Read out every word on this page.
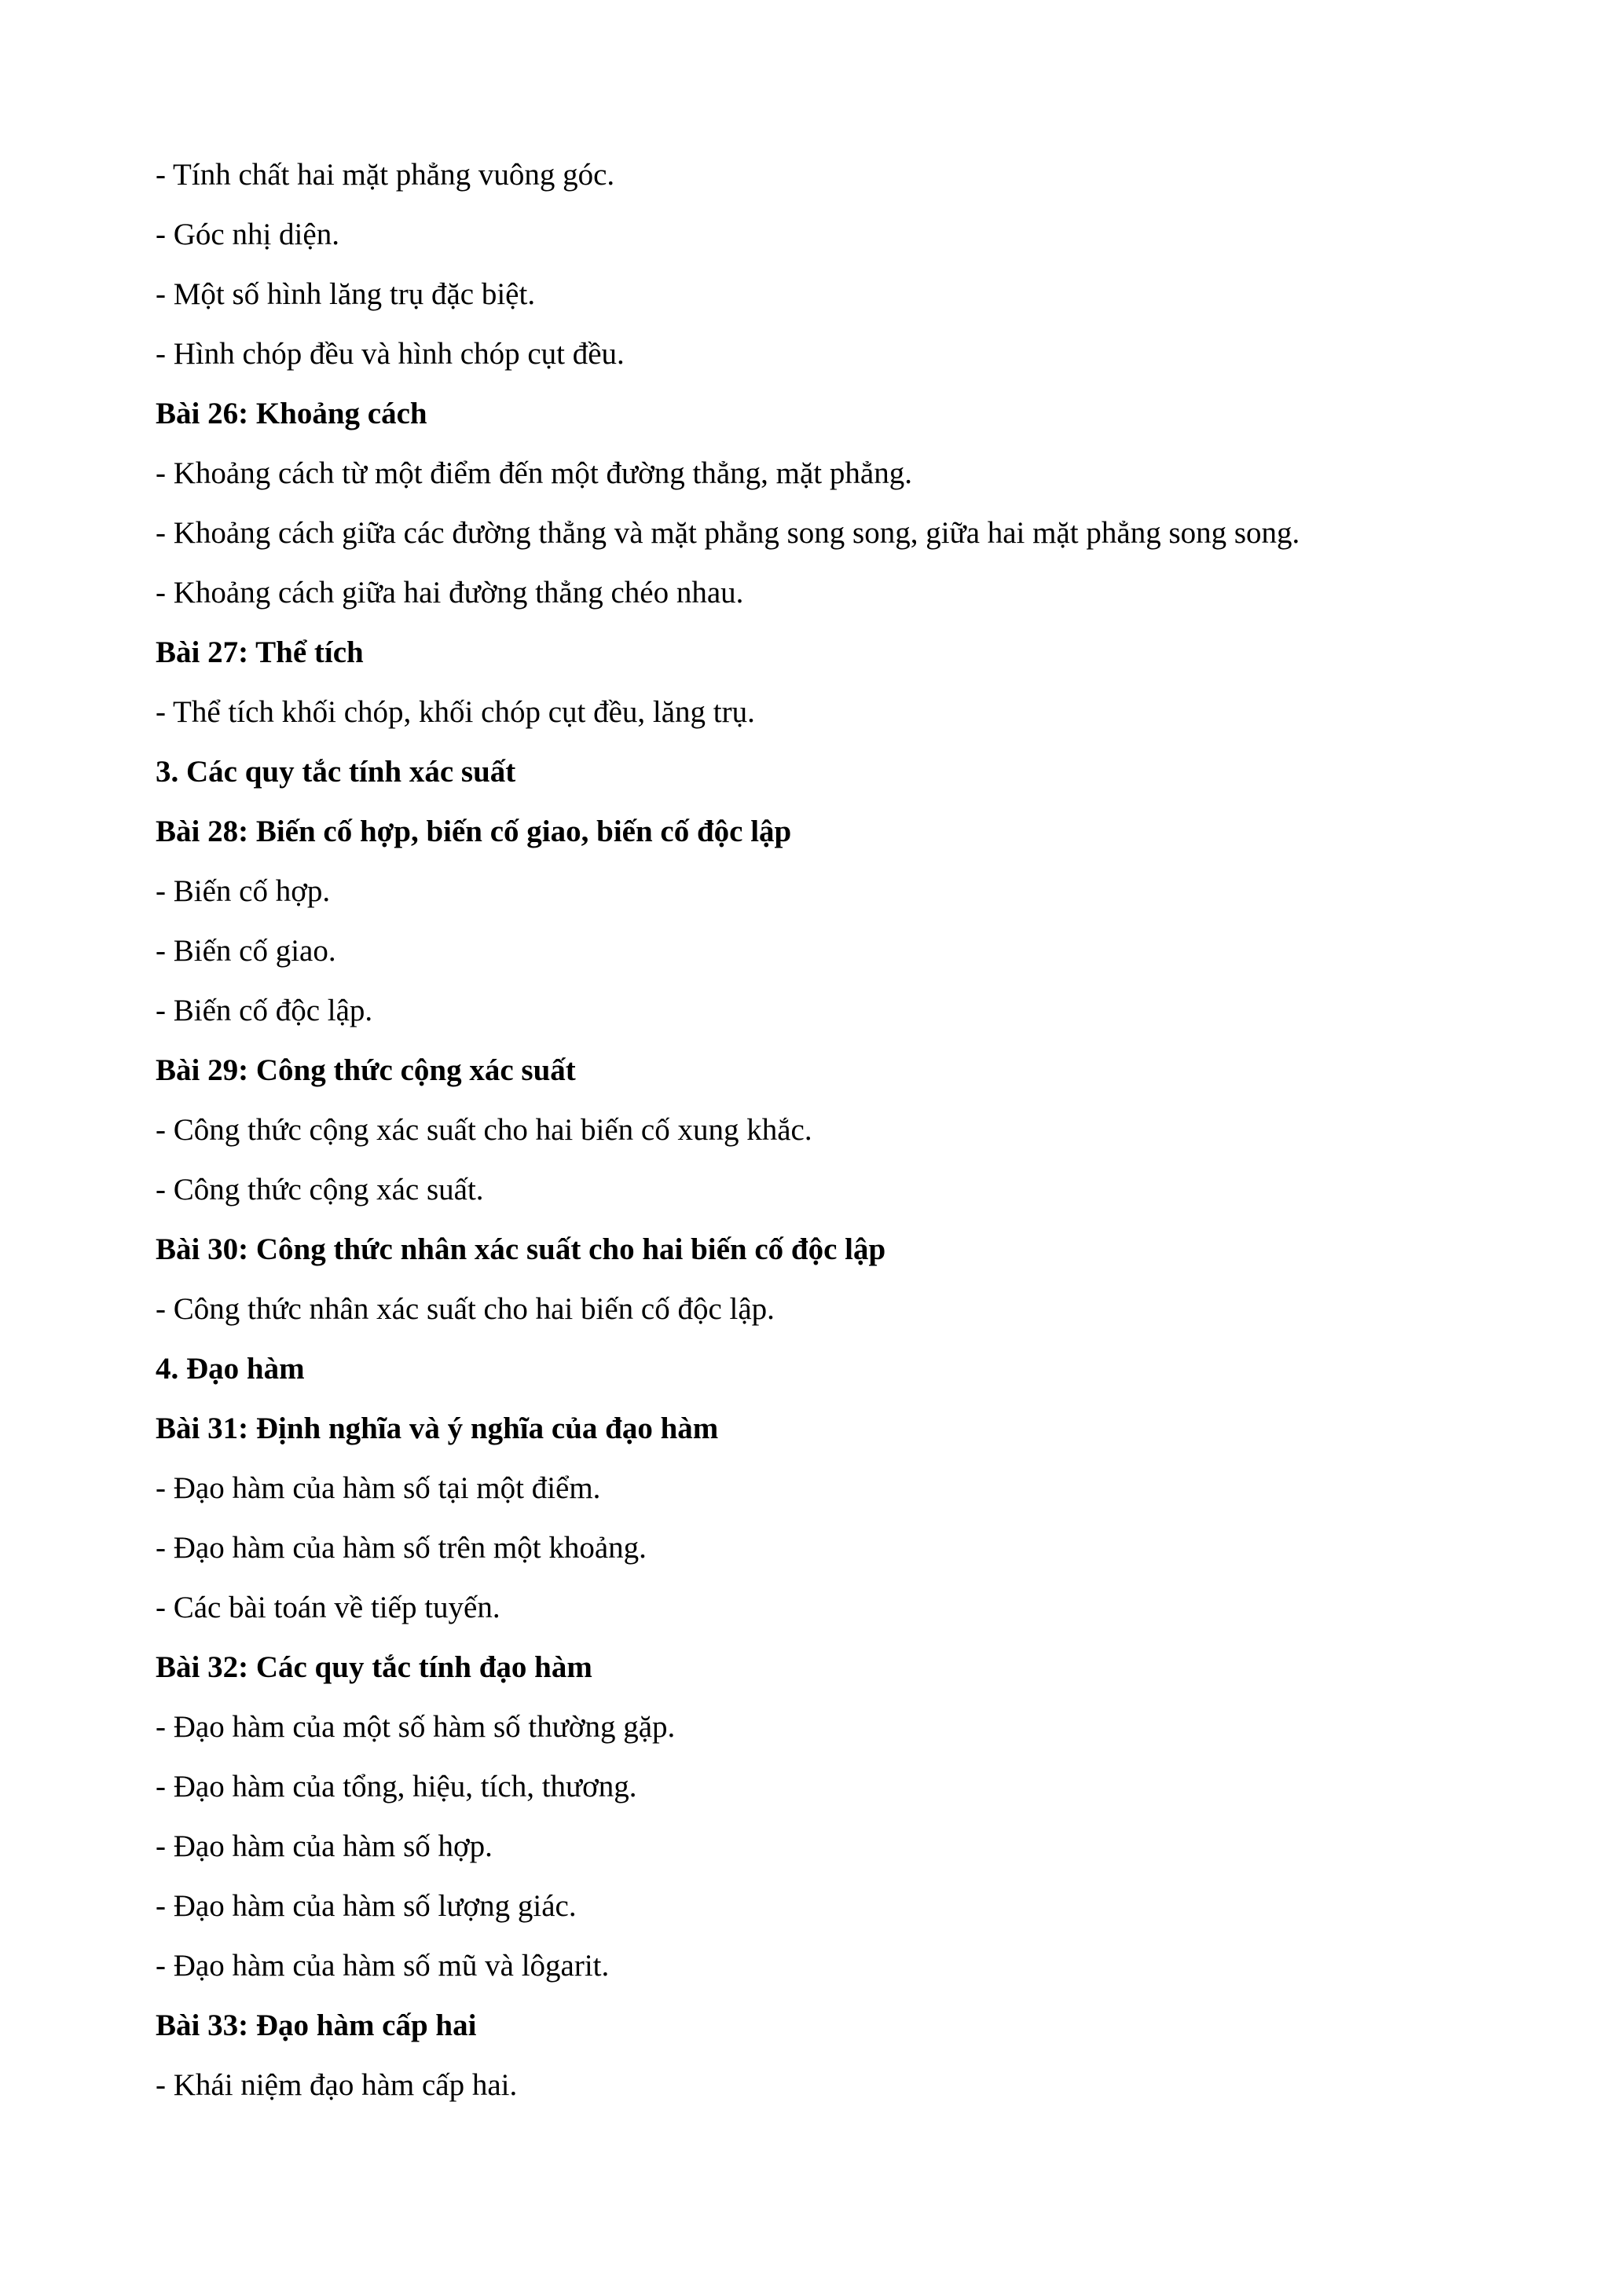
- Tính chất hai mặt phẳng vuông góc.
- Góc nhị diện.
- Một số hình lăng trụ đặc biệt.
- Hình chóp đều và hình chóp cụt đều.
Bài 26: Khoảng cách
- Khoảng cách từ một điểm đến một đường thẳng, mặt phẳng.
- Khoảng cách giữa các đường thẳng và mặt phẳng song song, giữa hai mặt phẳng song song.
- Khoảng cách giữa hai đường thẳng chéo nhau.
Bài 27: Thể tích
- Thể tích khối chóp, khối chóp cụt đều, lăng trụ.
3. Các quy tắc tính xác suất
Bài 28: Biến cố hợp, biến cố giao, biến cố độc lập
- Biến cố hợp.
- Biến cố giao.
- Biến cố độc lập.
Bài 29: Công thức cộng xác suất
- Công thức cộng xác suất cho hai biến cố xung khắc.
- Công thức cộng xác suất.
Bài 30: Công thức nhân xác suất cho hai biến cố độc lập
- Công thức nhân xác suất cho hai biến cố độc lập.
4. Đạo hàm
Bài 31: Định nghĩa và ý nghĩa của đạo hàm
- Đạo hàm của hàm số tại một điểm.
- Đạo hàm của hàm số trên một khoảng.
- Các bài toán về tiếp tuyến.
Bài 32: Các quy tắc tính đạo hàm
- Đạo hàm của một số hàm số thường gặp.
- Đạo hàm của tổng, hiệu, tích, thương.
- Đạo hàm của hàm số hợp.
- Đạo hàm của hàm số lượng giác.
- Đạo hàm của hàm số mũ và lôgarit.
Bài 33: Đạo hàm cấp hai
- Khái niệm đạo hàm cấp hai.
